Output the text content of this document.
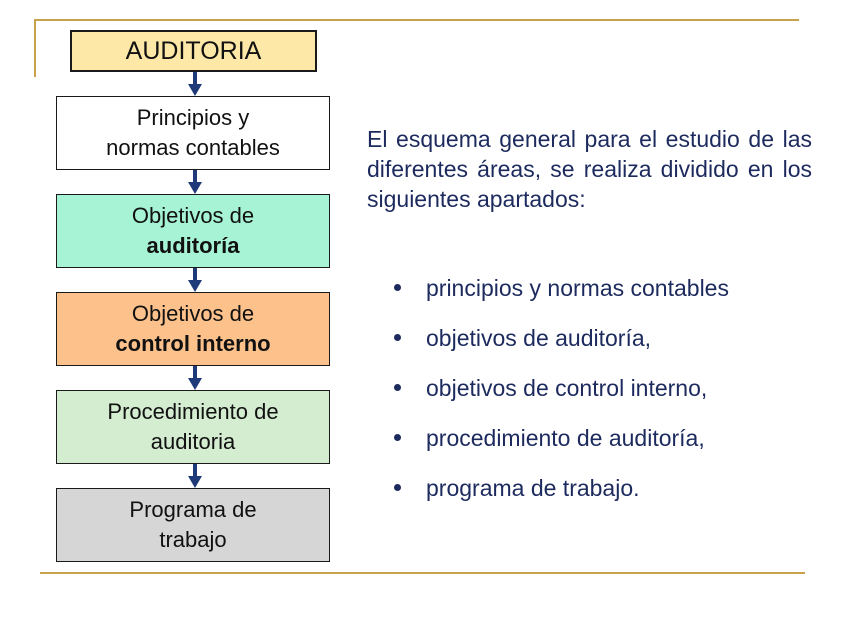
AUDITORIA
Principios y
normas contables
Objetivos de
auditoría
Objetivos de
control interno
Procedimiento de
auditoria
Programa de
trabajo
El esquema general para el estudio de las diferentes áreas, se realiza dividido en los siguientes apartados:
principios y normas contables
objetivos de auditoría,
objetivos de control interno,
procedimiento de auditoría,
programa de trabajo.
